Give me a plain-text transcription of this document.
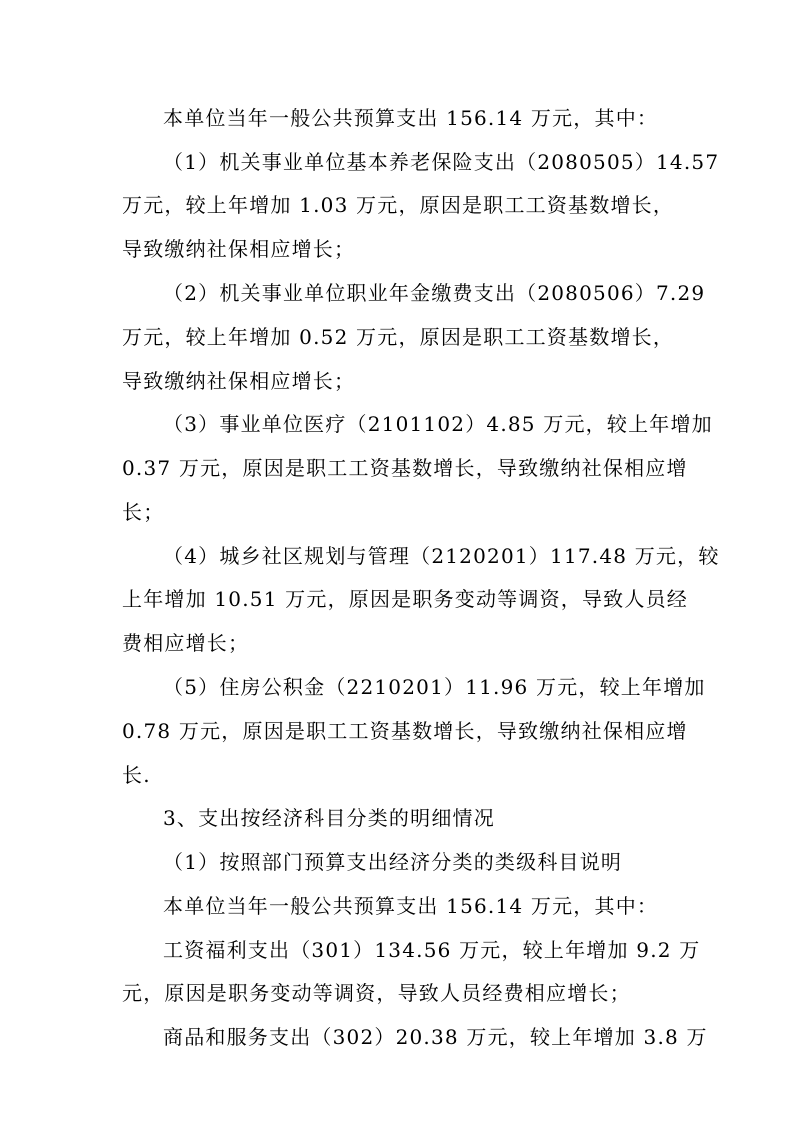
本单位当年一般公共预算支出 156.14 万元，其中：
（1）机关事业单位基本养老保险支出（2080505）14.57
万元，较上年增加 1.03 万元，原因是职工工资基数增长，
导致缴纳社保相应增长；
（2）机关事业单位职业年金缴费支出（2080506）7.29
万元，较上年增加 0.52 万元，原因是职工工资基数增长，
导致缴纳社保相应增长；
（3）事业单位医疗（2101102）4.85 万元，较上年增加
0.37 万元，原因是职工工资基数增长，导致缴纳社保相应增
长；
（4）城乡社区规划与管理（2120201）117.48 万元，较
上年增加 10.51 万元，原因是职务变动等调资，导致人员经
费相应增长；
（5）住房公积金（2210201）11.96 万元，较上年增加
0.78 万元，原因是职工工资基数增长，导致缴纳社保相应增
长.
3、支出按经济科目分类的明细情况
（1）按照部门预算支出经济分类的类级科目说明
本单位当年一般公共预算支出 156.14 万元，其中：
工资福利支出（301）134.56 万元，较上年增加 9.2 万
元，原因是职务变动等调资，导致人员经费相应增长；
商品和服务支出（302）20.38 万元，较上年增加 3.8 万
